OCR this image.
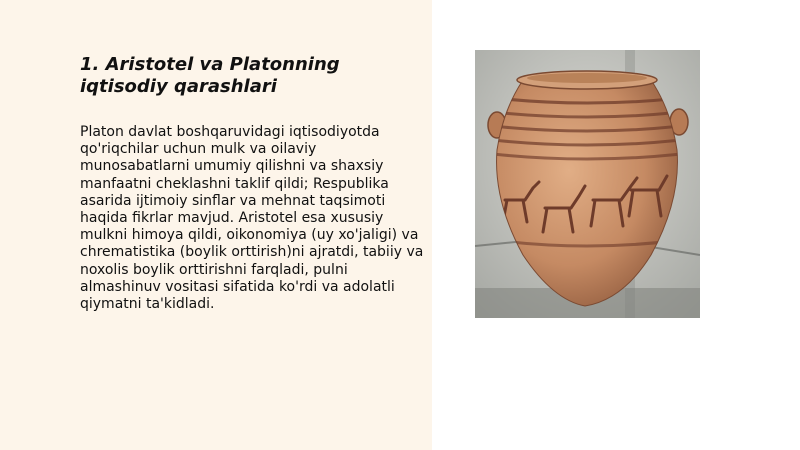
1. Aristotel va Platonning iqtisodiy qarashlari

Platon davlat boshqaruvidagi iqtisodiyotda qo'riqchilar uchun mulk va oilaviy munosabatlarni umumiy qilishni va shaxsiy manfaatni cheklashni taklif qildi; Respublika asarida ijtimoiy sinflar va mehnat taqsimoti haqida fikrlar mavjud. Aristotel esa xususiy mulkni himoya qildi, oikonomiya (uy xo'jaligi) va chrematistika (boylik orttirish)ni ajratdi, tabiiy va noxolis boylik orttirishni farqladi, pulni almashinuv vositasi sifatida ko'rdi va adolatli qiymatni ta'kidladi.
